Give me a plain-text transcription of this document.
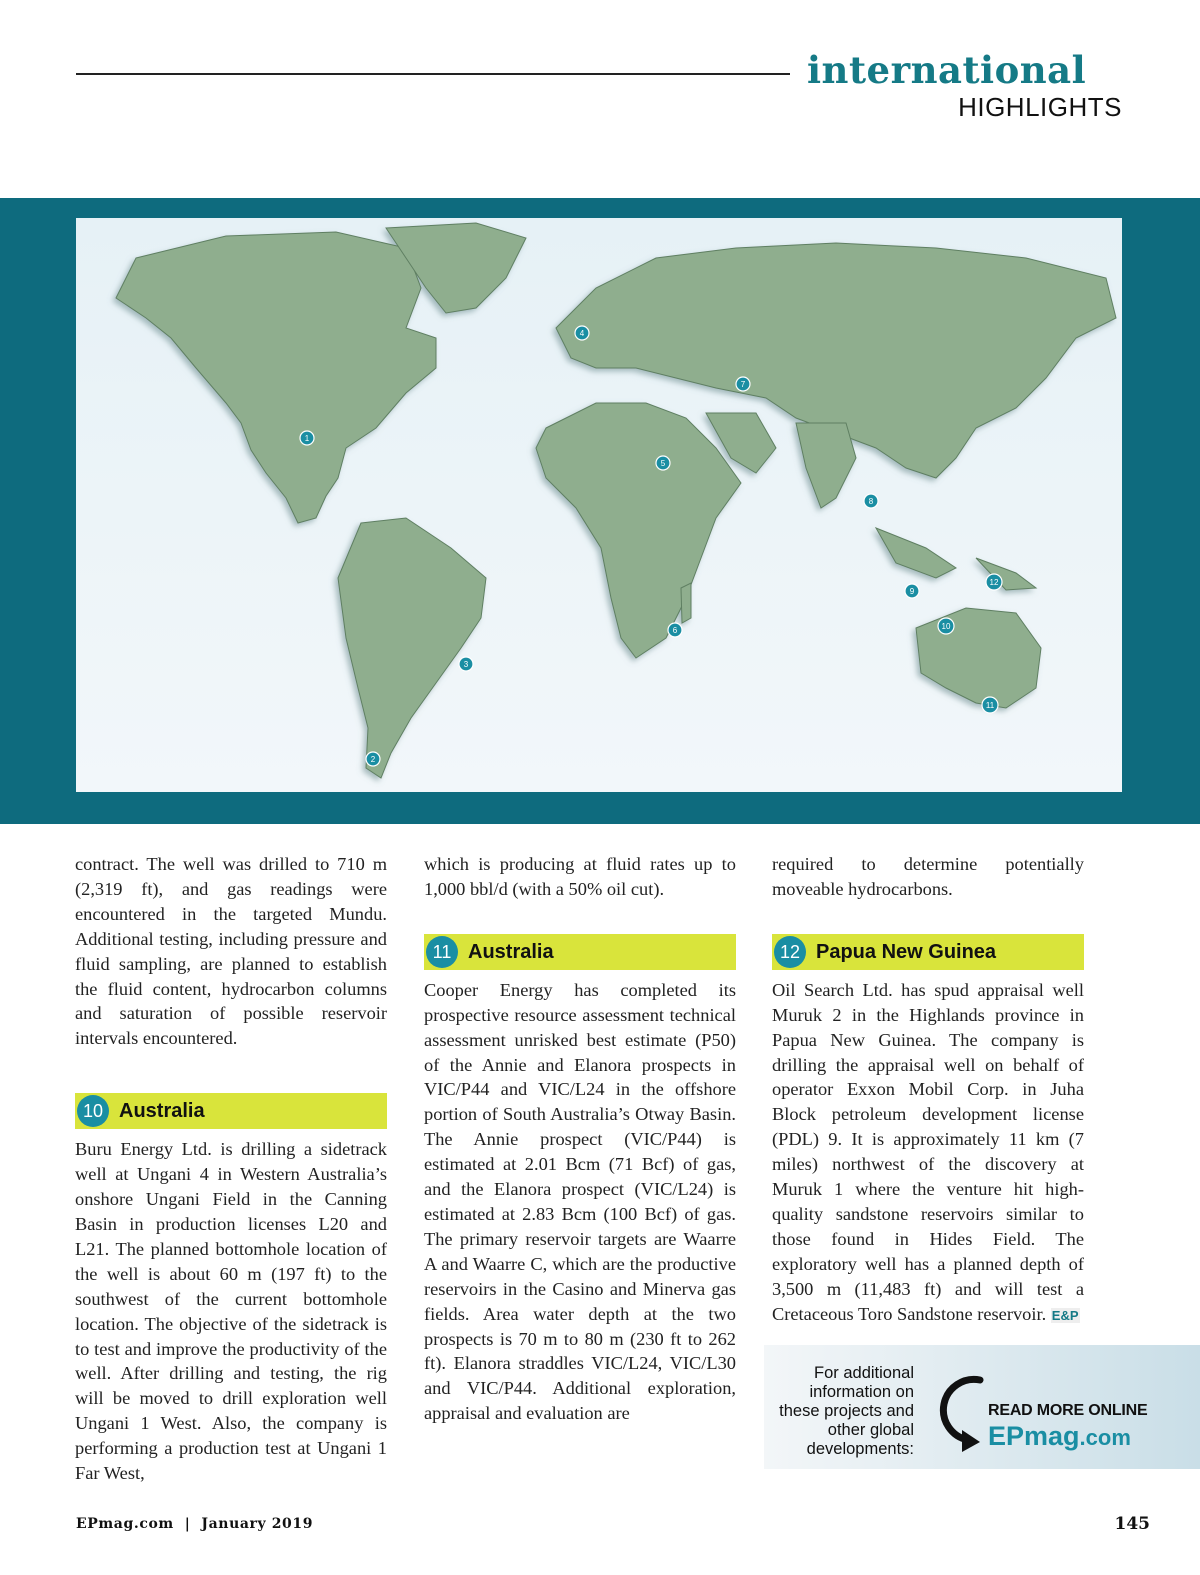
international
HIGHLIGHTS
1
2
3
4
5
6
7
8
9
10
11
12

contract. The well was drilled to 710 m (2,319 ft), and gas readings were encountered in the targeted Mundu. Additional testing, including pressure and fluid sampling, are planned to establish the fluid content, hydrocarbon columns and saturation of possible reservoir intervals encountered.

10 Australia

Buru Energy Ltd. is drilling a sidetrack well at Ungani 4 in Western Australia’s onshore Ungani Field in the Canning Basin in production licenses L20 and L21. The planned bottomhole location of the well is about 60 m (197 ft) to the southwest of the current bottomhole location. The objective of the sidetrack is to test and improve the productivity of the well. After drilling and testing, the rig will be moved to drill exploration well Ungani 1 West. Also, the company is performing a production test at Ungani 1 Far West,

which is producing at fluid rates up to 1,000 bbl/d (with a 50% oil cut).

11 Australia

Cooper Energy has completed its prospective resource assessment technical assessment unrisked best estimate (P50) of the Annie and Elanora prospects in VIC/P44 and VIC/L24 in the offshore portion of South Australia’s Otway Basin. The Annie prospect (VIC/P44) is estimated at 2.01 Bcm (71 Bcf) of gas, and the Elanora prospect (VIC/L24) is estimated at 2.83 Bcm (100 Bcf) of gas. The primary reservoir targets are Waarre A and Waarre C, which are the productive reservoirs in the Casino and Minerva gas fields. Area water depth at the two prospects is 70 m to 80 m (230 ft to 262 ft). Elanora straddles VIC/L24, VIC/L30 and VIC/P44. Additional exploration, appraisal and evaluation are

required to determine potentially moveable hydrocarbons.

12 Papua New Guinea

Oil Search Ltd. has spud appraisal well Muruk 2 in the Highlands province in Papua New Guinea. The company is drilling the appraisal well on behalf of operator Exxon Mobil Corp. in Juha Block petroleum development license (PDL) 9. It is approximately 11 km (7 miles) northwest of the discovery at Muruk 1 where the venture hit high-quality sandstone reservoirs similar to those found in Hides Field. The exploratory well has a planned depth of 3,500 m (11,483 ft) and will test a Cretaceous Toro Sandstone reservoir. E&P

For additional information on these projects and other global developments:
READ MORE ONLINE
EPmag.com
EPmag.com  |  January 2019	145
